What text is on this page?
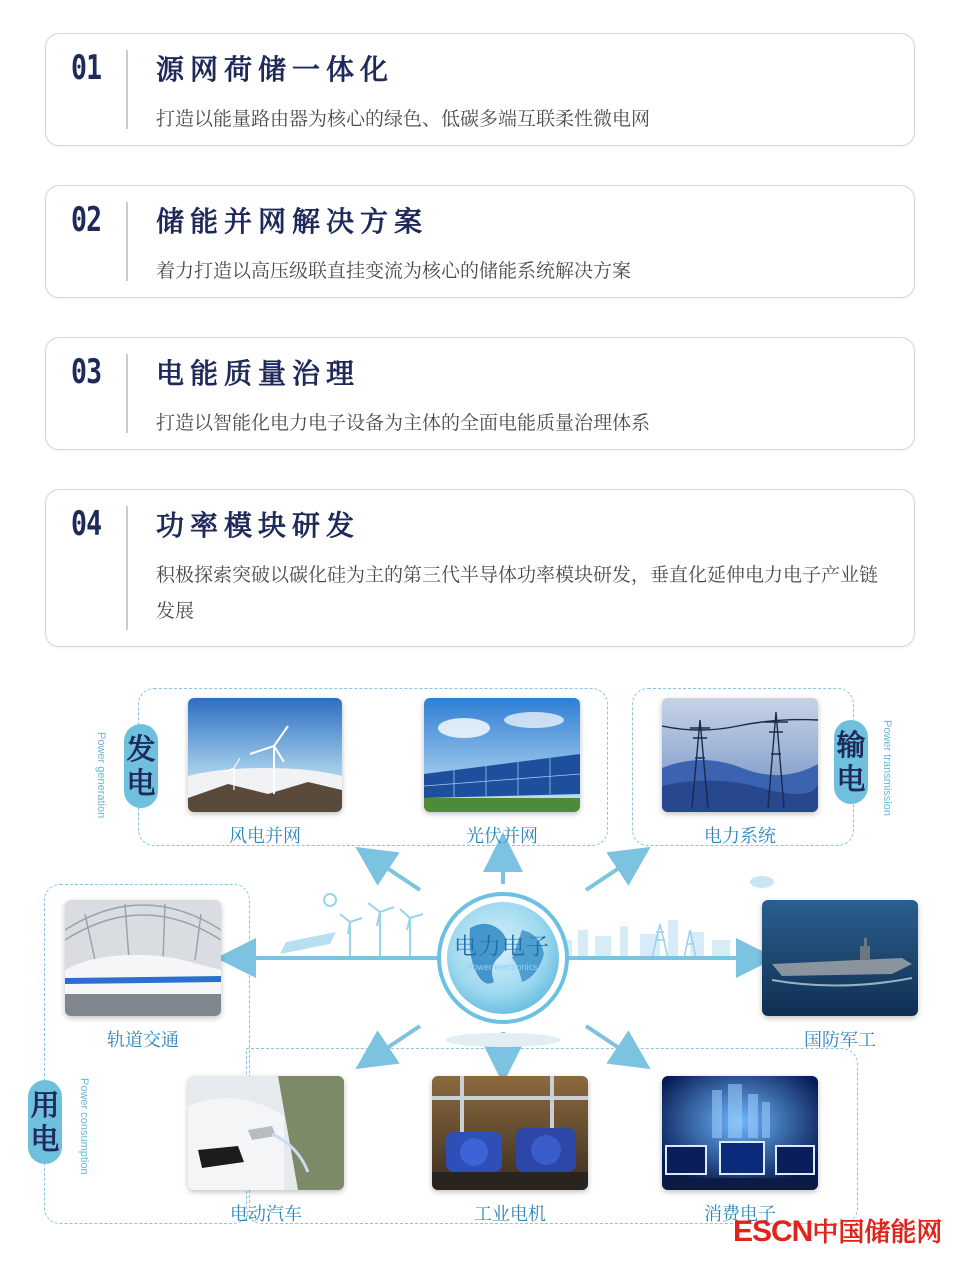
01 源网荷储一体化
打造以能量路由器为核心的绿色、低碳多端互联柔性微电网
02 储能并网解决方案
着力打造以高压级联直挂变流为核心的储能系统解决方案
03 电能质量治理
打造以智能化电力电子设备为主体的全面电能质量治理体系
04 功率模块研发
积极探索突破以碳化硅为主的第三代半导体功率模块研发，垂直化延伸电力电子产业链发展
发电
输电
用电
Power generation	Power transmission
Power consumption
电力电子
Power electronics
风电并网	光伏并网	电力系统
轨道交通	国防军工
电动汽车	工业电机	消费电子
ESCN中国储能网
